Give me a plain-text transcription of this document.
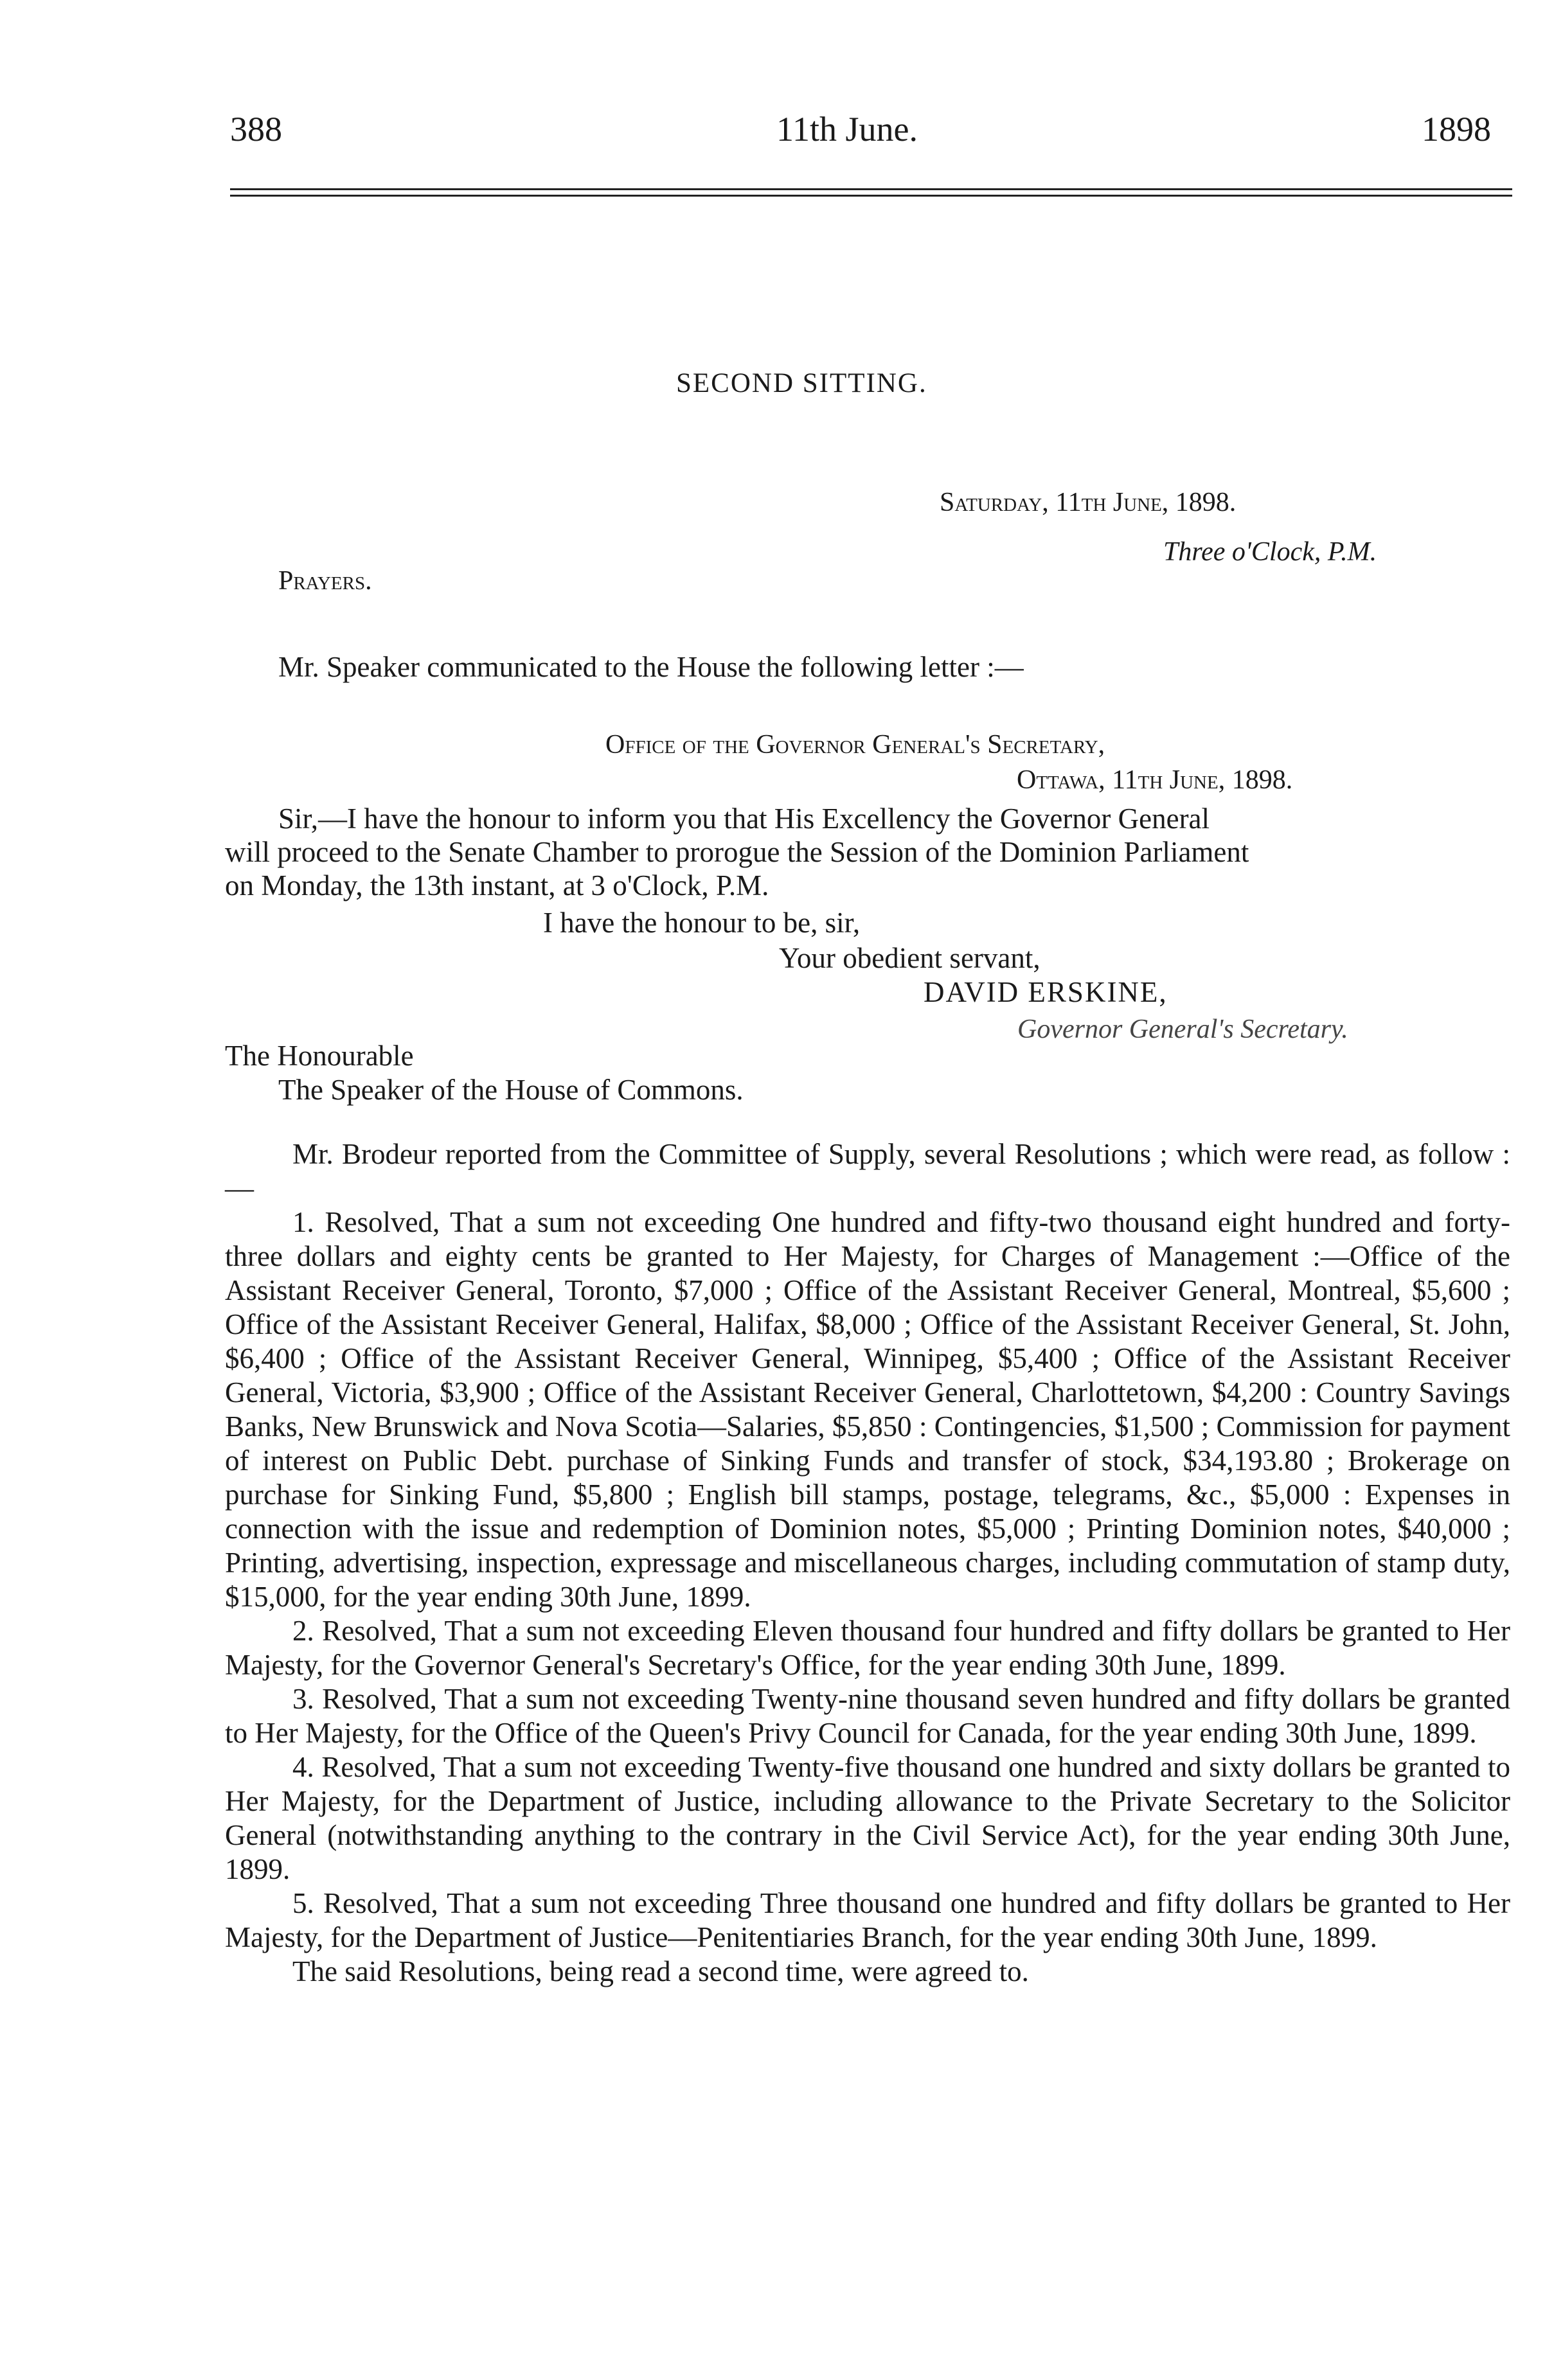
388	11th June.	1898
SECOND SITTING.
Saturday, 11th June, 1898.
Three o'Clock, P.M.
Prayers.
Mr. Speaker communicated to the House the following letter :—
Office of the Governor General's Secretary,
Ottawa, 11th June, 1898.
Sir,—I have the honour to inform you that His Excellency the Governor General
will proceed to the Senate Chamber to prorogue the Session of the Dominion Parliament
on Monday, the 13th instant, at 3 o'Clock, P.M.
I have the honour to be, sir,
Your obedient servant,
DAVID ERSKINE,
Governor General's Secretary.
The Honourable
The Speaker of the House of Commons.

Mr. Brodeur reported from the Committee of Supply, several Resolutions ; which were read, as follow :—

1. Resolved, That a sum not exceeding One hundred and fifty-two thousand eight hundred and forty-three dollars and eighty cents be granted to Her Majesty, for Charges of Management :—Office of the Assistant Receiver General, Toronto, $7,000 ; Office of the Assistant Receiver General, Montreal, $5,600 ; Office of the Assistant Receiver General, Halifax, $8,000 ; Office of the Assistant Receiver General, St. John, $6,400 ; Office of the Assistant Receiver General, Winnipeg, $5,400 ; Office of the Assistant Receiver General, Victoria, $3,900 ; Office of the Assistant Receiver General, Charlottetown, $4,200 : Country Savings Banks, New Brunswick and Nova Scotia—Salaries, $5,850 : Contingencies, $1,500 ; Commission for payment of interest on Public Debt. purchase of Sinking Funds and transfer of stock, $34,193.80 ; Brokerage on purchase for Sinking Fund, $5,800 ; English bill stamps, postage, telegrams, &c., $5,000 : Expenses in connection with the issue and redemption of Dominion notes, $5,000 ; Printing Dominion notes, $40,000 ; Printing, advertising, inspection, expressage and miscellaneous charges, including commutation of stamp duty, $15,000, for the year ending 30th June, 1899.

2. Resolved, That a sum not exceeding Eleven thousand four hundred and fifty dollars be granted to Her Majesty, for the Governor General's Secretary's Office, for the year ending 30th June, 1899.

3. Resolved, That a sum not exceeding Twenty-nine thousand seven hundred and fifty dollars be granted to Her Majesty, for the Office of the Queen's Privy Council for Canada, for the year ending 30th June, 1899.

4. Resolved, That a sum not exceeding Twenty-five thousand one hundred and sixty dollars be granted to Her Majesty, for the Department of Justice, including allowance to the Private Secretary to the Solicitor General (notwithstanding anything to the contrary in the Civil Service Act), for the year ending 30th June, 1899.

5. Resolved, That a sum not exceeding Three thousand one hundred and fifty dollars be granted to Her Majesty, for the Department of Justice—Penitentiaries Branch, for the year ending 30th June, 1899.

The said Resolutions, being read a second time, were agreed to.
